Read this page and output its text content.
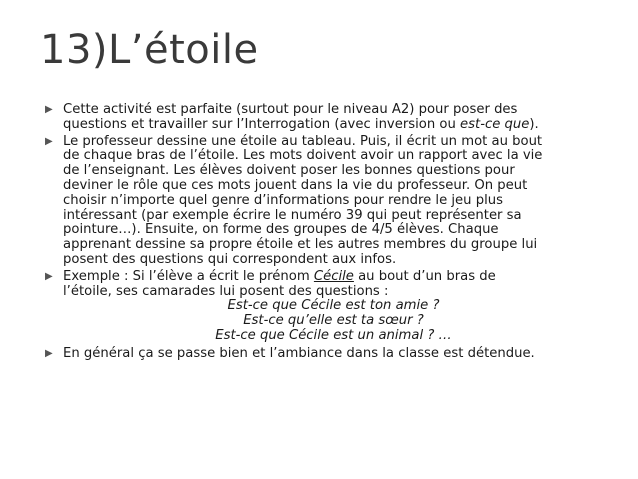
13)L’étoile

▶ Cette activité est parfaite (surtout pour le niveau A2) pour poser des
questions et travailler sur l’Interrogation (avec inversion ou est-ce que).

▶ Le professeur dessine une étoile au tableau. Puis, il écrit un mot au bout
de chaque bras de l’étoile. Les mots doivent avoir un rapport avec la vie
de l’enseignant. Les élèves doivent poser les bonnes questions pour
deviner le rôle que ces mots jouent dans la vie du professeur. On peut
choisir n’importe quel genre d’informations pour rendre le jeu plus
intéressant (par exemple écrire le numéro 39 qui peut représenter sa
pointure…). Ensuite, on forme des groupes de 4/5 élèves. Chaque
apprenant dessine sa propre étoile et les autres membres du groupe lui
posent des questions qui correspondent aux infos.

▶ Exemple : Si l’élève a écrit le prénom Cécile au bout d’un bras de
l’étoile, ses camarades lui posent des questions :
Est-ce que Cécile est ton amie ?
Est-ce qu’elle est ta sœur ?
Est-ce que Cécile est un animal ? …

▶ En général ça se passe bien et l’ambiance dans la classe est détendue.
